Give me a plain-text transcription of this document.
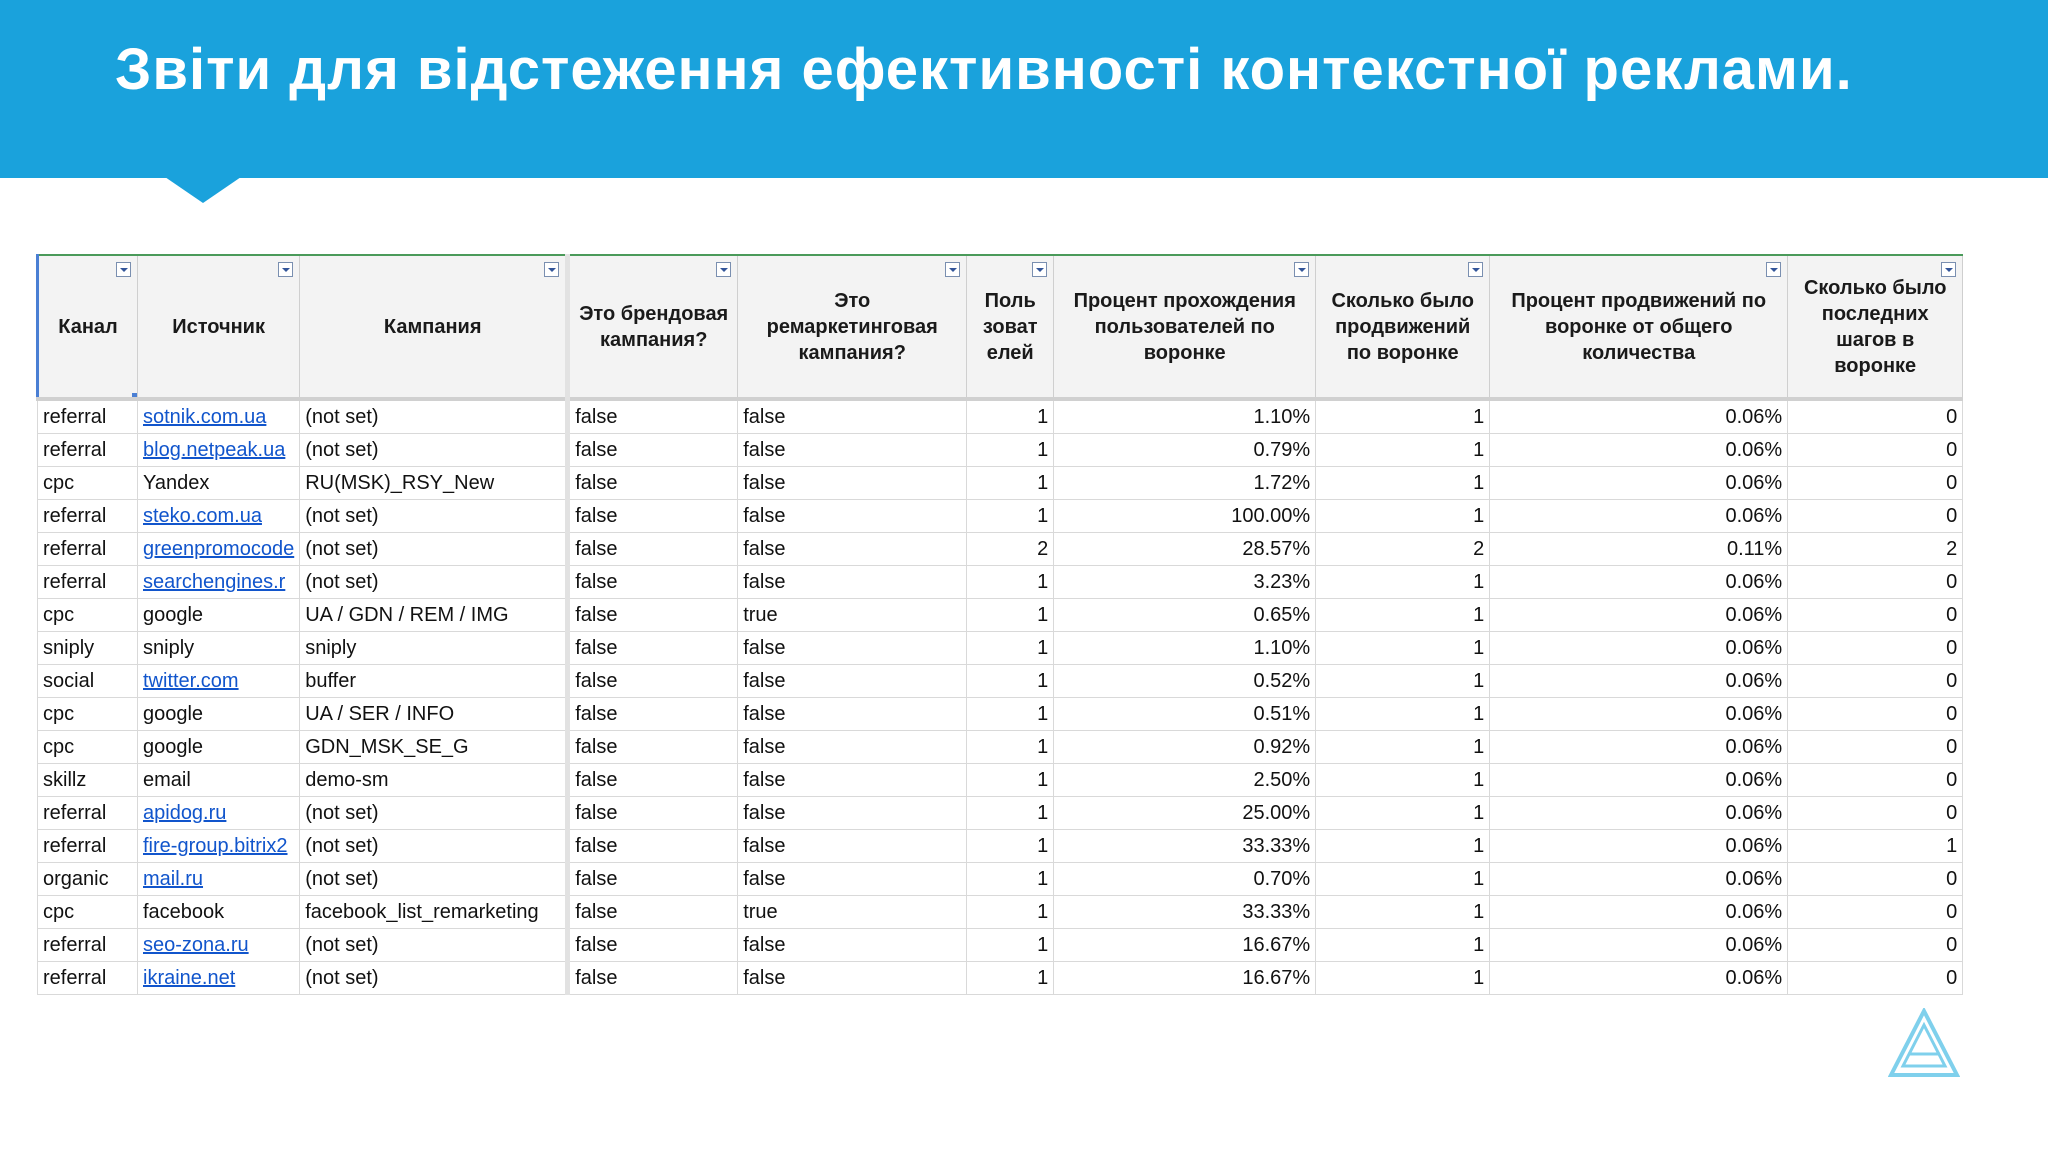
Звіти для відстеження ефективності контекстної реклами.
Канал	Источник	Кампания	Это брендовая кампания?	Это ремаркетинговая кампания?	Поль зоват елей	Процент прохождения пользователей по воронке	Сколько было продвижений по воронке	Процент продвижений по воронке от общего количества	Сколько было последних шагов в воронке

referral	sotnik.com.ua	(not set)	false	false	1	1.10%	1	0.06%	0
referral	blog.netpeak.ua	(not set)	false	false	1	0.79%	1	0.06%	0
cpc	Yandex	RU(MSK)_RSY_New	false	false	1	1.72%	1	0.06%	0
referral	steko.com.ua	(not set)	false	false	1	100.00%	1	0.06%	0
referral	greenpromocode	(not set)	false	false	2	28.57%	2	0.11%	2
referral	searchengines.r	(not set)	false	false	1	3.23%	1	0.06%	0
cpc	google	UA / GDN / REM / IMG	false	true	1	0.65%	1	0.06%	0
sniply	sniply	sniply	false	false	1	1.10%	1	0.06%	0
social	twitter.com	buffer	false	false	1	0.52%	1	0.06%	0
cpc	google	UA / SER / INFO	false	false	1	0.51%	1	0.06%	0
cpc	google	GDN_MSK_SE_G	false	false	1	0.92%	1	0.06%	0
skillz	email	demo-sm	false	false	1	2.50%	1	0.06%	0
referral	apidog.ru	(not set)	false	false	1	25.00%	1	0.06%	0
referral	fire-group.bitrix2	(not set)	false	false	1	33.33%	1	0.06%	1
organic	mail.ru	(not set)	false	false	1	0.70%	1	0.06%	0
cpc	facebook	facebook_list_remarketing	false	true	1	33.33%	1	0.06%	0
referral	seo-zona.ru	(not set)	false	false	1	16.67%	1	0.06%	0
referral	ikraine.net	(not set)	false	false	1	16.67%	1	0.06%	0
